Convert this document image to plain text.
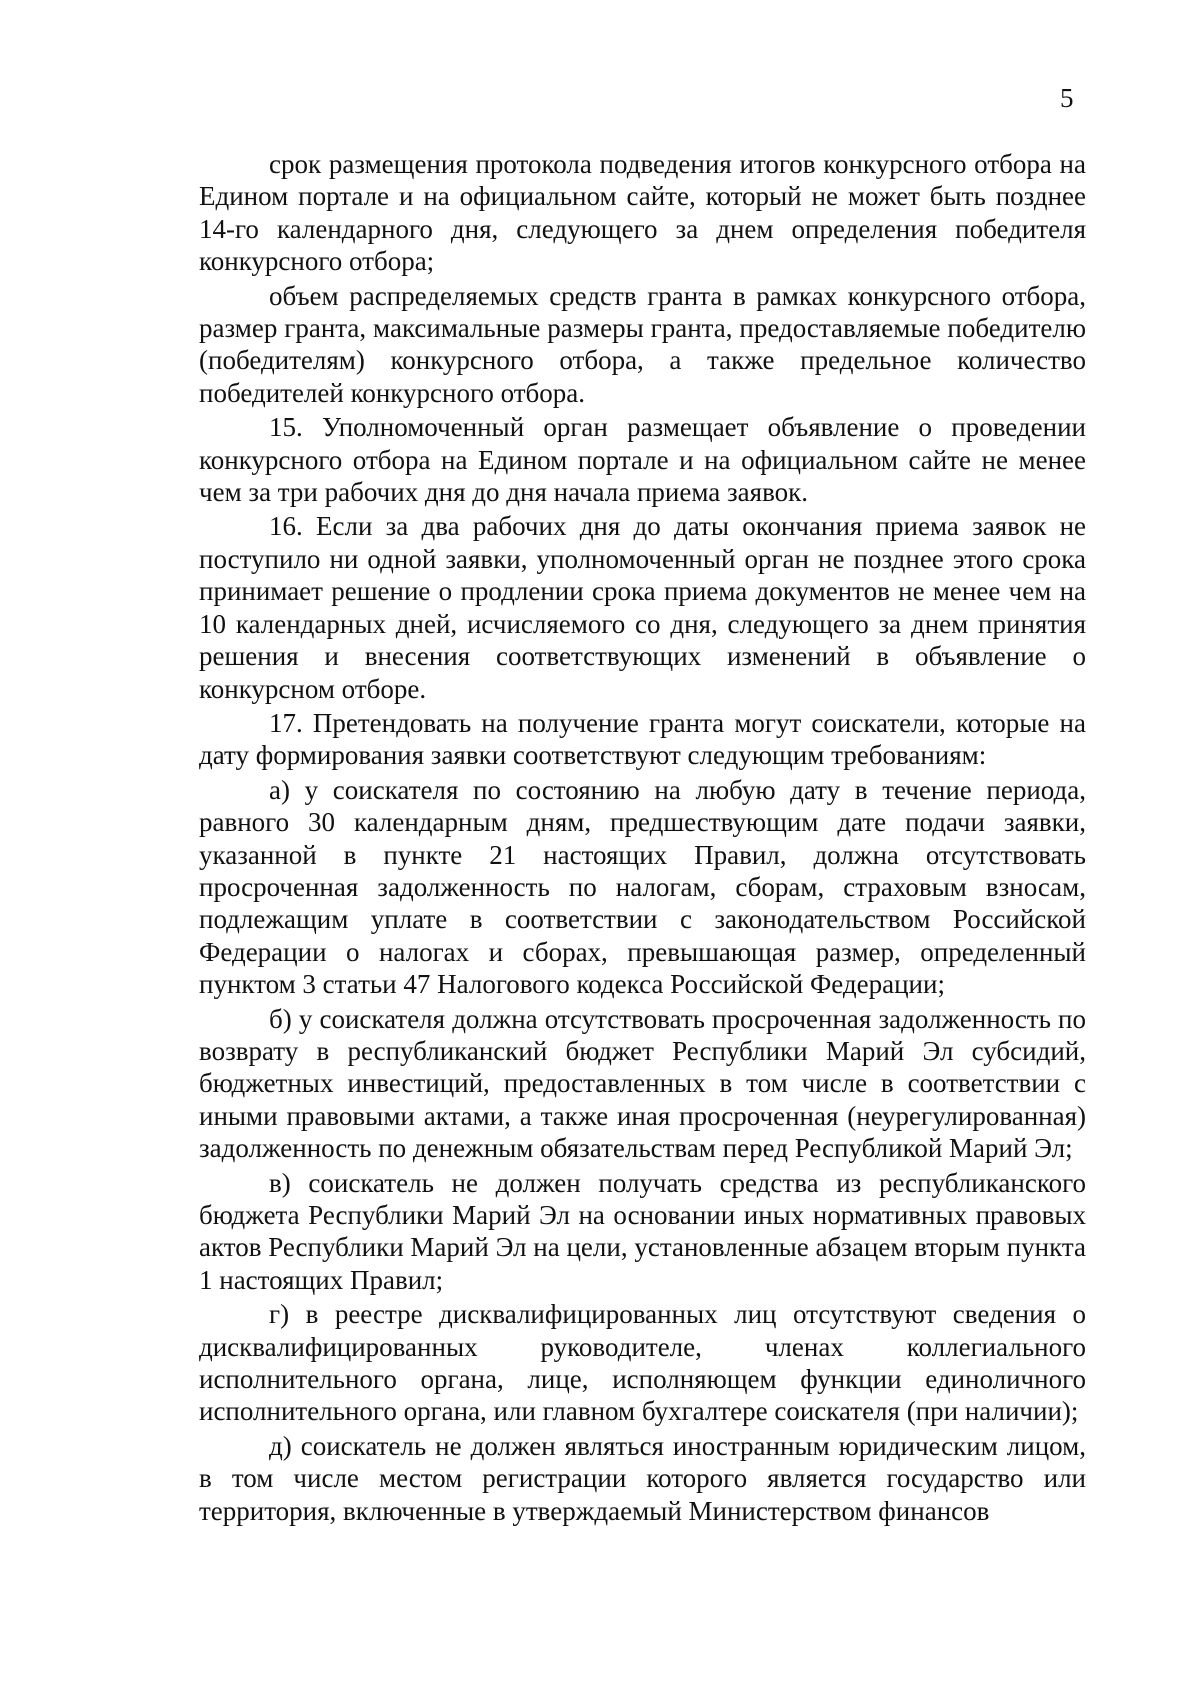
5

срок размещения протокола подведения итогов конкурсного отбора на Едином портале и на официальном сайте, который не может быть позднее 14-го календарного дня, следующего за днем определения победителя конкурсного отбора;

объем распределяемых средств гранта в рамках конкурсного отбора, размер гранта, максимальные размеры гранта, предоставляемые победителю (победителям) конкурсного отбора, а также предельное количество победителей конкурсного отбора.

15. Уполномоченный орган размещает объявление о проведении конкурсного отбора на Едином портале и на официальном сайте не менее чем за три рабочих дня до дня начала приема заявок.

16. Если за два рабочих дня до даты окончания приема заявок не поступило ни одной заявки, уполномоченный орган не позднее этого срока принимает решение о продлении срока приема документов не менее чем на 10 календарных дней, исчисляемого со дня, следующего за днем принятия решения и внесения соответствующих изменений в объявление о конкурсном отборе.

17. Претендовать на получение гранта могут соискатели, которые на дату формирования заявки соответствуют следующим требованиям:

а) у соискателя по состоянию на любую дату в течение периода, равного 30 календарным дням, предшествующим дате подачи заявки, указанной в пункте 21 настоящих Правил, должна отсутствовать просроченная задолженность по налогам, сборам, страховым взносам, подлежащим уплате в соответствии с законодательством Российской Федерации о налогах и сборах, превышающая размер, определенный пунктом 3 статьи 47 Налогового кодекса Российской Федерации;

б) у соискателя должна отсутствовать просроченная задолженность по возврату в республиканский бюджет Республики Марий Эл субсидий, бюджетных инвестиций, предоставленных в том числе в соответствии с иными правовыми актами, а также иная просроченная (неурегулированная) задолженность по денежным обязательствам перед Республикой Марий Эл;

в) соискатель не должен получать средства из республиканского бюджета Республики Марий Эл на основании иных нормативных правовых актов Республики Марий Эл на цели, установленные абзацем вторым пункта 1 настоящих Правил;

г) в реестре дисквалифицированных лиц отсутствуют сведения о дисквалифицированных руководителе, членах коллегиального исполнительного органа, лице, исполняющем функции единоличного исполнительного органа, или главном бухгалтере соискателя (при наличии);

д) соискатель не должен являться иностранным юридическим лицом, в том числе местом регистрации которого является государство или территория, включенные в утверждаемый Министерством финансов
